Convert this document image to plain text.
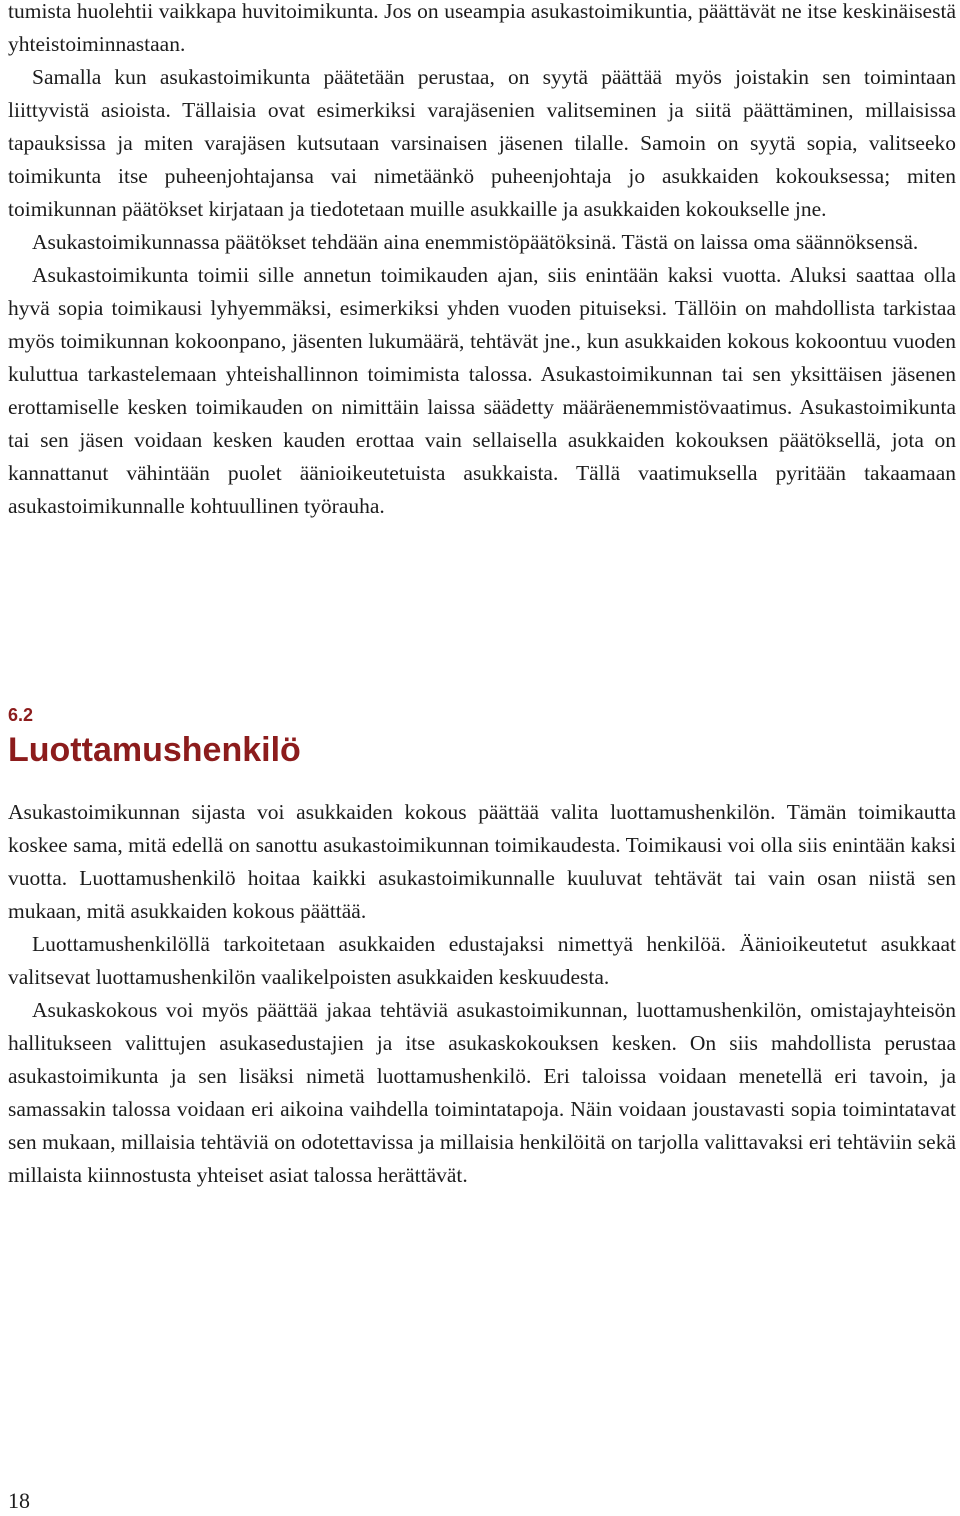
tumista huolehtii vaikkapa huvitoimikunta. Jos on useampia asukastoimikuntia, päättävät ne itse keskinäisestä yhteistoiminnastaan.

Samalla kun asukastoimikunta päätetään perustaa, on syytä päättää myös joistakin sen toimintaan liittyvistä asioista. Tällaisia ovat esimerkiksi varajäsenien valitseminen ja siitä päättäminen, millaisissa tapauksissa ja miten varajäsen kutsutaan varsinaisen jäsenen tilalle. Samoin on syytä sopia, valitseeko toimikunta itse puheenjohtajansa vai nimetäänkö puheenjohtaja jo asukkaiden kokouksessa; miten toimikunnan päätökset kirjataan ja tiedotetaan muille asukkaille ja asukkaiden kokoukselle jne.

Asukastoimikunnassa päätökset tehdään aina enemmistöpäätöksinä. Tästä on laissa oma säännöksensä.

Asukastoimikunta toimii sille annetun toimikauden ajan, siis enintään kaksi vuotta. Aluksi saattaa olla hyvä sopia toimikausi lyhyemmäksi, esimerkiksi yhden vuoden pituiseksi. Tällöin on mahdollista tarkistaa myös toimikunnan kokoonpano, jäsenten lukumäärä, tehtävät jne., kun asukkaiden kokous kokoontuu vuoden kuluttua tarkastelemaan yhteishallinnon toimimista talossa. Asukastoimikunnan tai sen yksittäisen jäsenen erottamiselle kesken toimikauden on nimittäin laissa säädetty määräenemmistövaatimus. Asukastoimikunta tai sen jäsen voidaan kesken kauden erottaa vain sellaisella asukkaiden kokouksen päätöksellä, jota on kannattanut vähintään puolet äänioikeutetuista asukkaista. Tällä vaatimuksella pyritään takaamaan asukastoimikunnalle kohtuullinen työrauha.

6.2
Luottamushenkilö

Asukastoimikunnan sijasta voi asukkaiden kokous päättää valita luottamushenkilön. Tämän toimikautta koskee sama, mitä edellä on sanottu asukastoimikunnan toimikaudesta. Toimikausi voi olla siis enintään kaksi vuotta. Luottamushenkilö hoitaa kaikki asukastoimikunnalle kuuluvat tehtävät tai vain osan niistä sen mukaan, mitä asukkaiden kokous päättää.

Luottamushenkilöllä tarkoitetaan asukkaiden edustajaksi nimettyä henkilöä. Äänioikeutetut asukkaat valitsevat luottamushenkilön vaalikelpoisten asukkaiden keskuudesta.

Asukaskokous voi myös päättää jakaa tehtäviä asukastoimikunnan, luottamushenkilön, omistajayhteisön hallitukseen valittujen asukasedustajien ja itse asukaskokouksen kesken. On siis mahdollista perustaa asukastoimikunta ja sen lisäksi nimetä luottamushenkilö. Eri taloissa voidaan menetellä eri tavoin, ja samassakin talossa voidaan eri aikoina vaihdella toimintatapoja. Näin voidaan joustavasti sopia toimintatavat sen mukaan, millaisia tehtäviä on odotettavissa ja millaisia henkilöitä on tarjolla valittavaksi eri tehtäviin sekä millaista kiinnostusta yhteiset asiat talossa herättävät.

18
